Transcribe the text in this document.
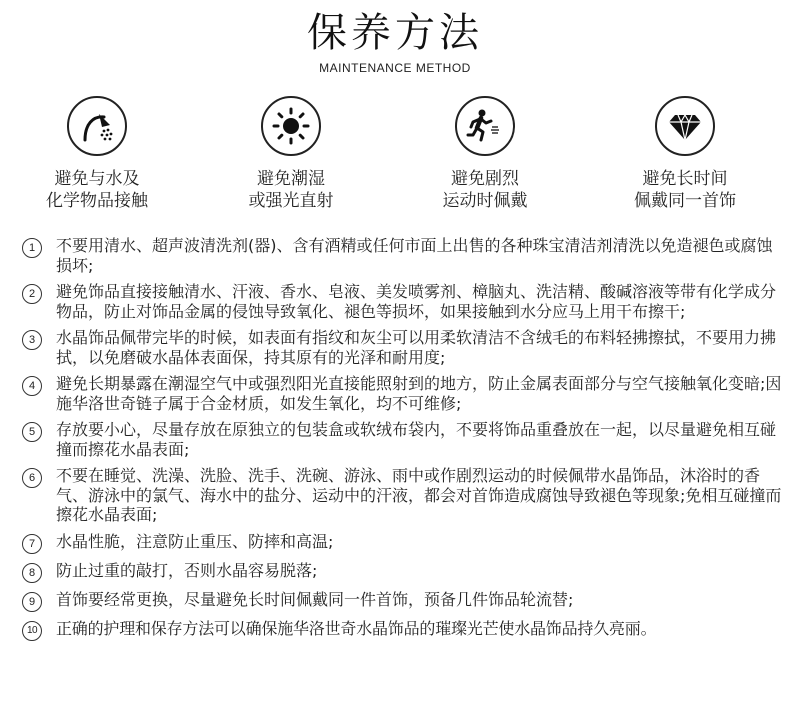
保养方法
MAINTENANCE METHOD
避免与水及
化学物品接触
避免潮湿
或强光直射
避免剧烈
运动时佩戴
避免长时间
佩戴同一首饰
1	不要用清水、超声波清洗剂(器)、含有酒精或任何市面上出售的各种珠宝清洁剂清洗以免造褪色或腐蚀损坏;
2	避免饰品直接接触清水、汗液、香水、皂液、美发喷雾剂、樟脑丸、洗洁精、酸碱溶液等带有化学成分物品，防止对饰品金属的侵蚀导致氧化、褪色等损坏，如果接触到水分应马上用干布擦干;
3	水晶饰品佩带完毕的时候，如表面有指纹和灰尘可以用柔软清洁不含绒毛的布料轻拂擦拭，不要用力拂拭，以免磨破水晶体表面保，持其原有的光泽和耐用度;
4	避免长期暴露在潮湿空气中或强烈阳光直接能照射到的地方，防止金属表面部分与空气接触氧化变暗;因施华洛世奇链子属于合金材质，如发生氧化，均不可维修;
5	存放要小心，尽量存放在原独立的包装盒或软绒布袋内，不要将饰品重叠放在一起，以尽量避免相互碰撞而擦花水晶表面;
6	不要在睡觉、洗澡、洗脸、洗手、洗碗、游泳、雨中或作剧烈运动的时候佩带水晶饰品，沐浴时的香气、游泳中的氯气、海水中的盐分、运动中的汗液，都会对首饰造成腐蚀导致褪色等现象;免相互碰撞而擦花水晶表面;
7	水晶性脆，注意防止重压、防摔和高温;
8	防止过重的敲打，否则水晶容易脱落;
9	首饰要经常更换，尽量避免长时间佩戴同一件首饰，预备几件饰品轮流替;
10	正确的护理和保存方法可以确保施华洛世奇水晶饰品的璀璨光芒使水晶饰品持久亮丽。
